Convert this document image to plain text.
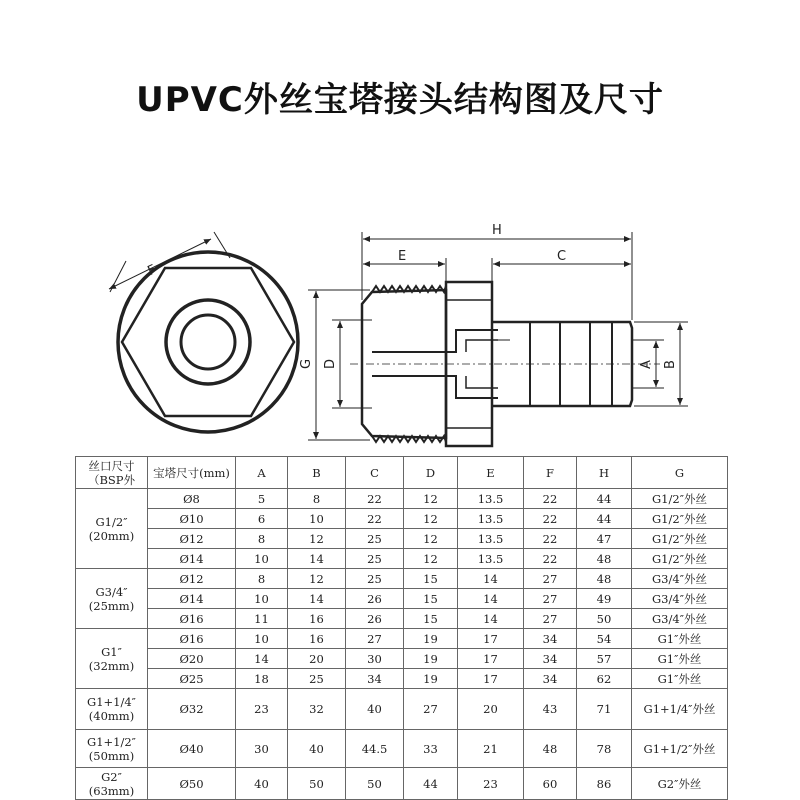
UPVC外丝宝塔接头结构图及尺寸
F
H
E	C
G D	A B
丝口尺寸
（BSP外	宝塔尺寸(mm)	A	B	C	D	E	F	H	G

G1/2″
(20mm)	Ø8	5	8	22	12	13.5	22	44	G1/2″外丝
	Ø10	6	10	22	12	13.5	22	44	G1/2″外丝
	Ø12	8	12	25	12	13.5	22	47	G1/2″外丝
	Ø14	10	14	25	12	13.5	22	48	G1/2″外丝

G3/4″
(25mm)	Ø12	8	12	25	15	14	27	48	G3/4″外丝
	Ø14	10	14	26	15	14	27	49	G3/4″外丝
	Ø16	11	16	26	15	14	27	50	G3/4″外丝

G1″
(32mm)	Ø16	10	16	27	19	17	34	54	G1″外丝
	Ø20	14	20	30	19	17	34	57	G1″外丝
	Ø25	18	25	34	19	17	34	62	G1″外丝

G1+1/4″
(40mm)	Ø32	23	32	40	27	20	43	71	G1+1/4″外丝

G1+1/2″
(50mm)	Ø40	30	40	44.5	33	21	48	78	G1+1/2″外丝

G2″
(63mm)	Ø50	40	50	50	44	23	60	86	G2″外丝
